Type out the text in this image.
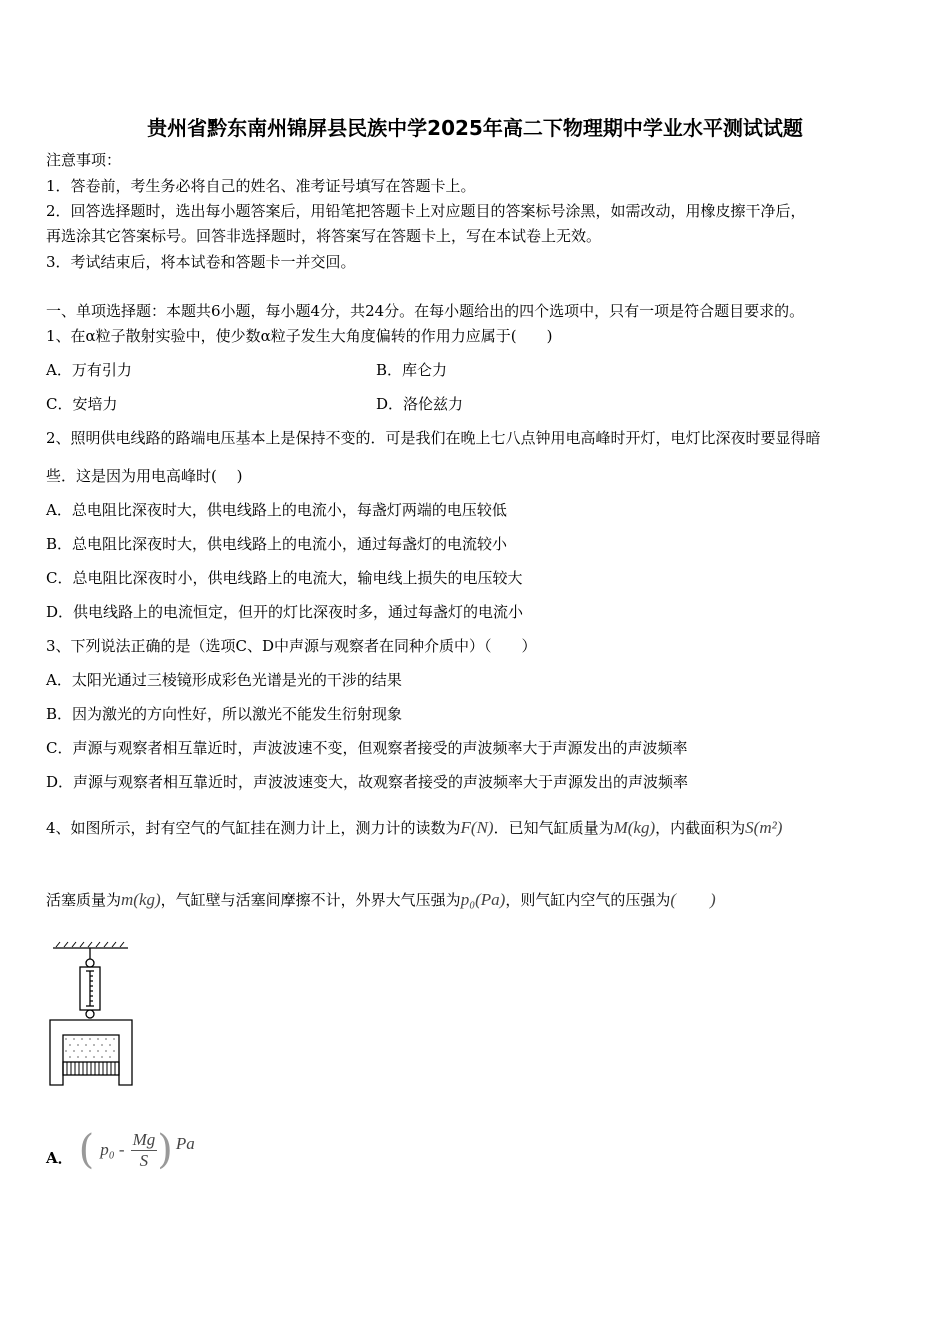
贵州省黔东南州锦屏县民族中学2025年高二下物理期中学业水平测试试题
注意事项：
1．答卷前，考生务必将自己的姓名、准考证号填写在答题卡上。
2．回答选择题时，选出每小题答案后，用铅笔把答题卡上对应题目的答案标号涂黑，如需改动，用橡皮擦干净后，
再选涂其它答案标号。回答非选择题时，将答案写在答题卡上，写在本试卷上无效。
3．考试结束后，将本试卷和答题卡一并交回。
一、单项选择题：本题共6小题，每小题4分，共24分。在每小题给出的四个选项中，只有一项是符合题目要求的。
1、在α粒子散射实验中，使少数α粒子发生大角度偏转的作用力应属于(　　)
A．万有引力	B．库仑力
C．安培力	D．洛伦兹力
2、照明供电线路的路端电压基本上是保持不变的．可是我们在晚上七八点钟用电高峰时开灯，电灯比深夜时要显得暗
些．这是因为用电高峰时(　 )
A．总电阻比深夜时大，供电线路上的电流小，每盏灯两端的电压较低
B．总电阻比深夜时大，供电线路上的电流小，通过每盏灯的电流较小
C．总电阻比深夜时小，供电线路上的电流大，输电线上损失的电压较大
D．供电线路上的电流恒定，但开的灯比深夜时多，通过每盏灯的电流小
3、下列说法正确的是（选项C、D中声源与观察者在同种介质中）（　　）
A．太阳光通过三棱镜形成彩色光谱是光的干涉的结果
B．因为激光的方向性好，所以激光不能发生衍射现象
C．声源与观察者相互靠近时，声波波速不变，但观察者接受的声波频率大于声源发出的声波频率
D．声源与观察者相互靠近时，声波波速变大，故观察者接受的声波频率大于声源发出的声波频率
4、如图所示，封有空气的气缸挂在测力计上，测力计的读数为F(N)．已知气缸质量为M(kg)，内截面积为S(m²)
活塞质量为m(kg)，气缸壁与活塞间摩擦不计，外界大气压强为p₀(Pa)，则气缸内空气的压强为(　　)
A． ( $p_0 - \frac{Mg}{S}$ ) Pa
